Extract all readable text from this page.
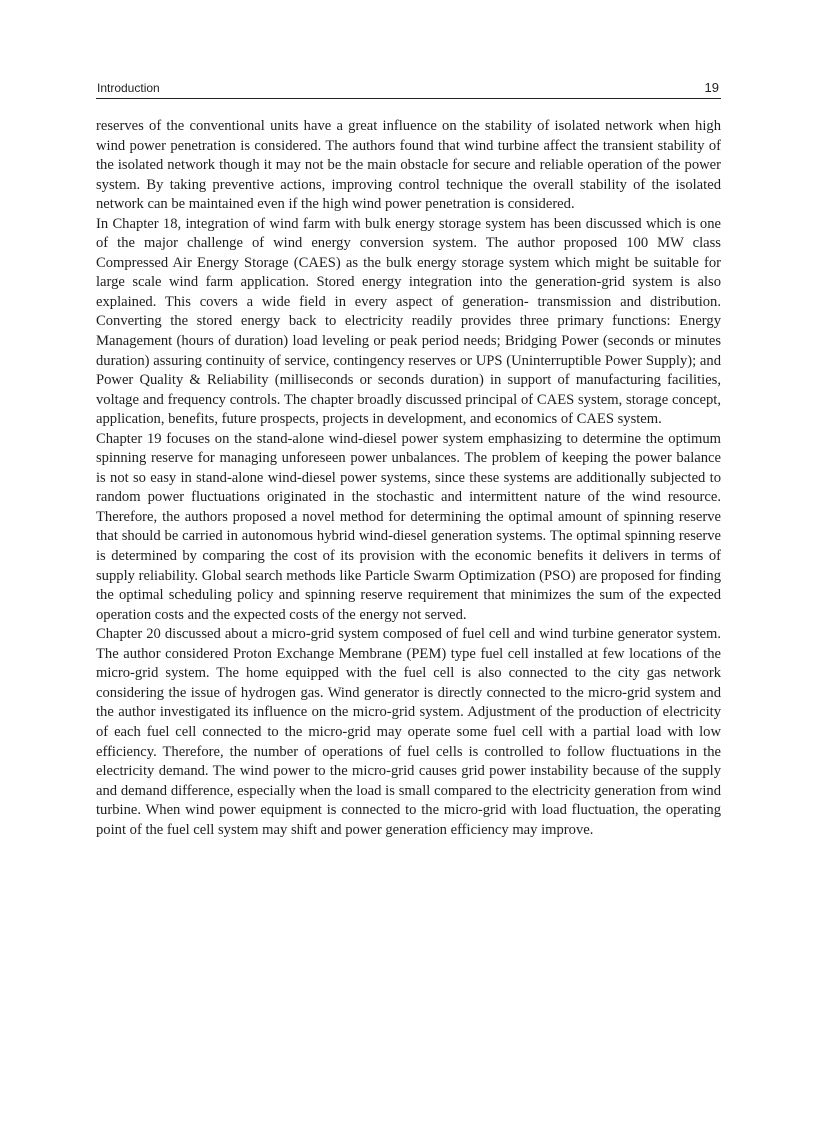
Introduction	19

reserves of the conventional units have a great influence on the stability of isolated network when high wind power penetration is considered. The authors found that wind turbine affect the transient stability of the isolated network though it may not be the main obstacle for secure and reliable operation of the power system. By taking preventive actions, improving control technique the overall stability of the isolated network can be maintained even if the high wind power penetration is considered.

In Chapter 18, integration of wind farm with bulk energy storage system has been discussed which is one of the major challenge of wind energy conversion system. The author proposed 100 MW class Compressed Air Energy Storage (CAES) as the bulk energy storage system which might be suitable for large scale wind farm application. Stored energy integration into the generation-grid system is also explained. This covers a wide field in every aspect of generation- transmission and distribution. Converting the stored energy back to electricity readily provides three primary functions: Energy Management (hours of duration) load leveling or peak period needs; Bridging Power (seconds or minutes duration) assuring continuity of service, contingency reserves or UPS (Uninterruptible Power Supply); and Power Quality & Reliability (milliseconds or seconds duration) in support of manufacturing facilities, voltage and frequency controls. The chapter broadly discussed principal of CAES system, storage concept, application, benefits, future prospects, projects in development, and economics of CAES system.

Chapter 19 focuses on the stand-alone wind-diesel power system emphasizing to determine the optimum spinning reserve for managing unforeseen power unbalances. The problem of keeping the power balance is not so easy in stand-alone wind-diesel power systems, since these systems are additionally subjected to random power fluctuations originated in the stochastic and intermittent nature of the wind resource. Therefore, the authors proposed a novel method for determining the optimal amount of spinning reserve that should be carried in autonomous hybrid wind-diesel generation systems. The optimal spinning reserve is determined by comparing the cost of its provision with the economic benefits it delivers in terms of supply reliability. Global search methods like Particle Swarm Optimization (PSO) are proposed for finding the optimal scheduling policy and spinning reserve requirement that minimizes the sum of the expected operation costs and the expected costs of the energy not served.

Chapter 20 discussed about a micro-grid system composed of fuel cell and wind turbine generator system. The author considered Proton Exchange Membrane (PEM) type fuel cell installed at few locations of the micro-grid system. The home equipped with the fuel cell is also connected to the city gas network considering the issue of hydrogen gas. Wind generator is directly connected to the micro-grid system and the author investigated its influence on the micro-grid system. Adjustment of the production of electricity of each fuel cell connected to the micro-grid may operate some fuel cell with a partial load with low efficiency. Therefore, the number of operations of fuel cells is controlled to follow fluctuations in the electricity demand. The wind power to the micro-grid causes grid power instability because of the supply and demand difference, especially when the load is small compared to the electricity generation from wind turbine. When wind power equipment is connected to the micro-grid with load fluctuation, the operating point of the fuel cell system may shift and power generation efficiency may improve.
